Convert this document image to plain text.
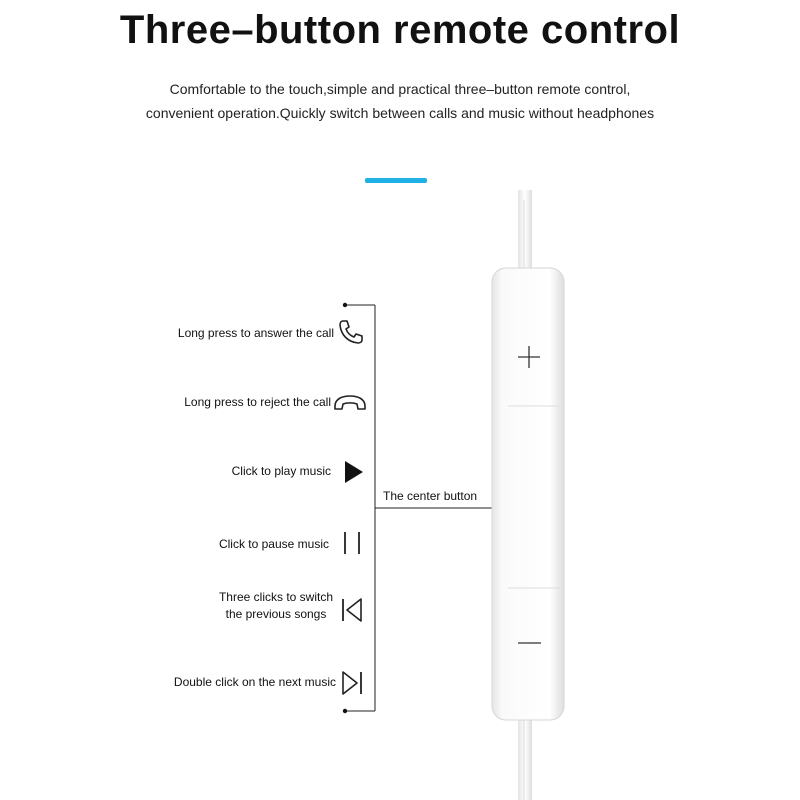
Three–button remote control
Comfortable to the touch,simple and practical three–button remote control,
convenient operation.Quickly switch between calls and music without headphones
Long press to answer the call
Long press to reject the call
Click to play music
Click to pause music
Three clicks to switch
the previous songs
Double click on the next music
The center button
